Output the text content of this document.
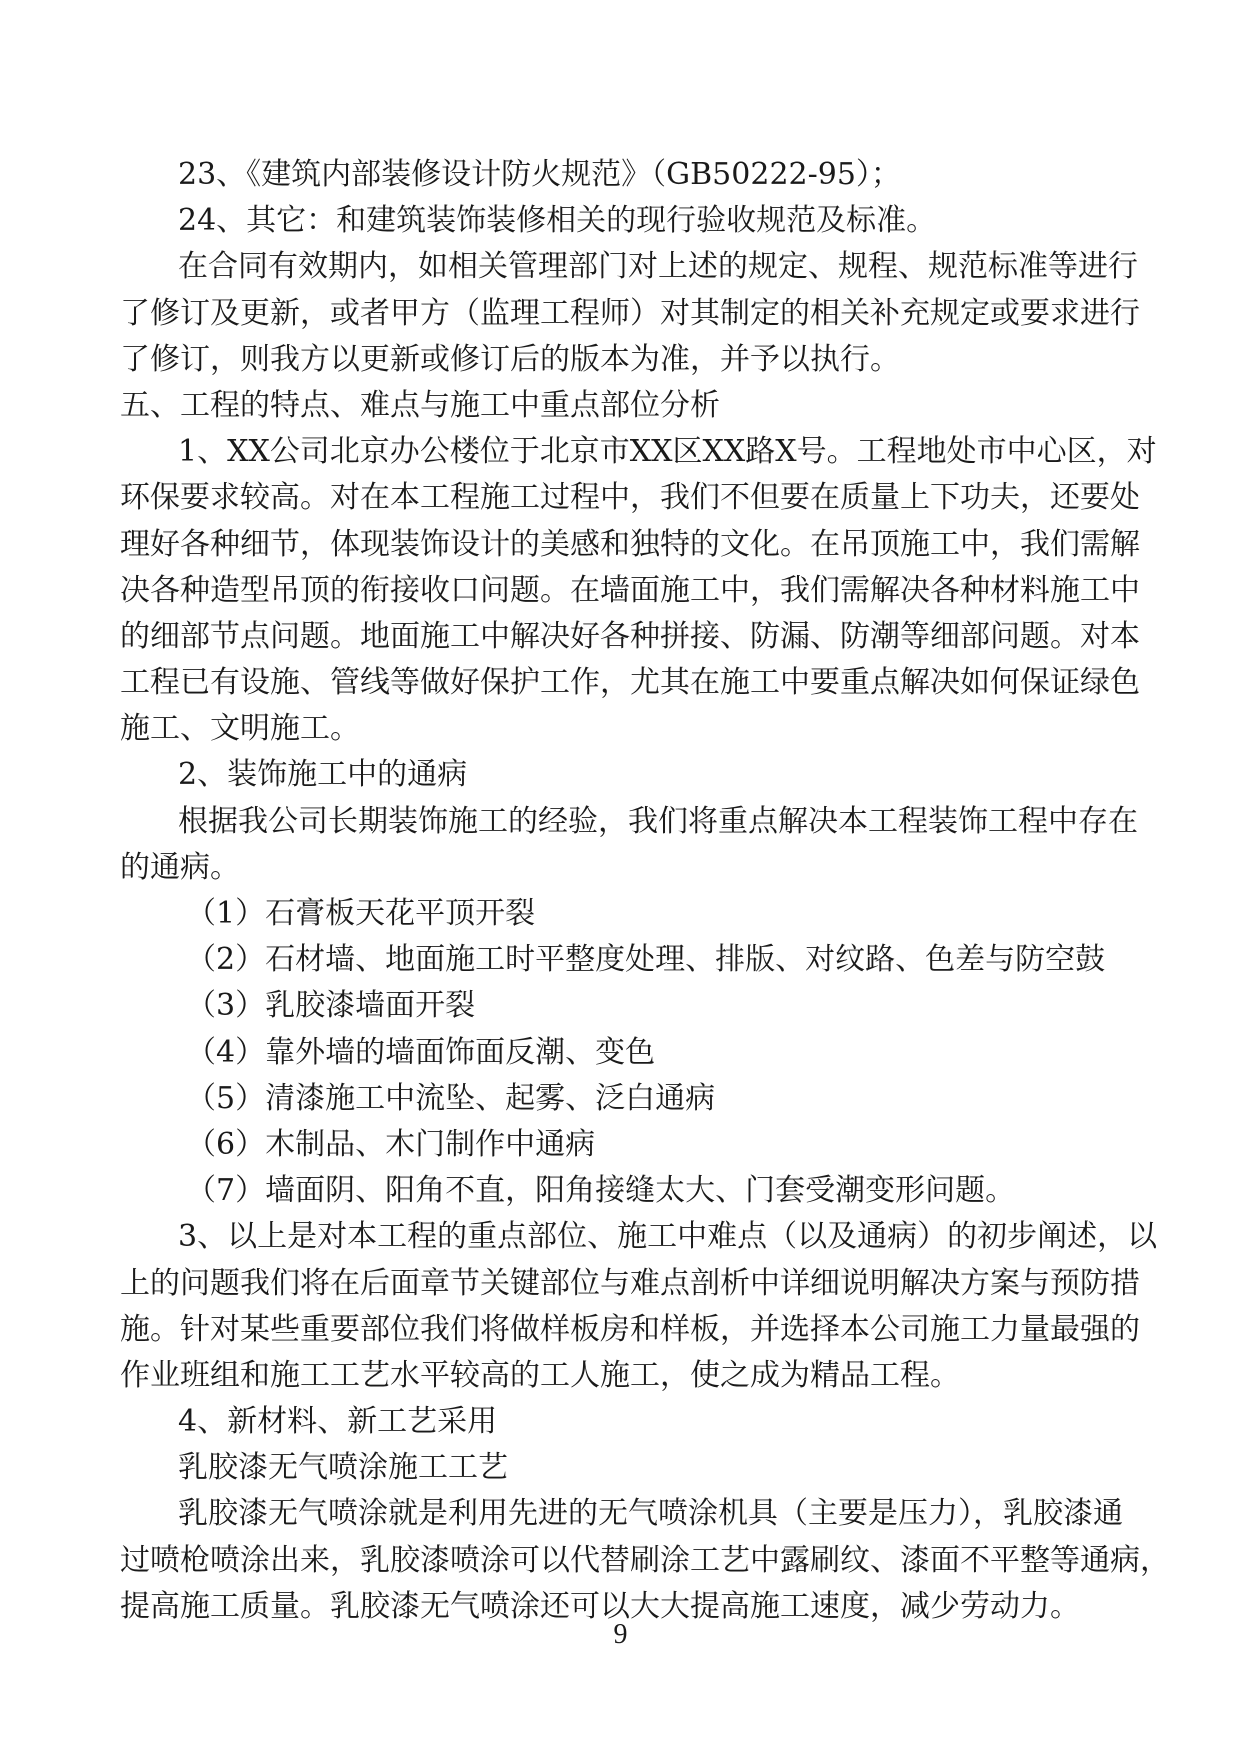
23、《建筑内部装修设计防火规范》（GB50222-95）；
24、其它：和建筑装饰装修相关的现行验收规范及标准。
在合同有效期内，如相关管理部门对上述的规定、规程、规范标准等进行
了修订及更新，或者甲方（监理工程师）对其制定的相关补充规定或要求进行
了修订，则我方以更新或修订后的版本为准，并予以执行。
五、工程的特点、难点与施工中重点部位分析
1、XX公司北京办公楼位于北京市XX区XX路X号。工程地处市中心区，对
环保要求较高。对在本工程施工过程中，我们不但要在质量上下功夫，还要处
理好各种细节，体现装饰设计的美感和独特的文化。在吊顶施工中，我们需解
决各种造型吊顶的衔接收口问题。在墙面施工中，我们需解决各种材料施工中
的细部节点问题。地面施工中解决好各种拼接、防漏、防潮等细部问题。对本
工程已有设施、管线等做好保护工作，尤其在施工中要重点解决如何保证绿色
施工、文明施工。
2、装饰施工中的通病
根据我公司长期装饰施工的经验，我们将重点解决本工程装饰工程中存在
的通病。
（1）石膏板天花平顶开裂
（2）石材墙、地面施工时平整度处理、排版、对纹路、色差与防空鼓
（3）乳胶漆墙面开裂
（4）靠外墙的墙面饰面反潮、变色
（5）清漆施工中流坠、起雾、泛白通病
（6）木制品、木门制作中通病
（7）墙面阴、阳角不直，阳角接缝太大、门套受潮变形问题。
3、以上是对本工程的重点部位、施工中难点（以及通病）的初步阐述，以
上的问题我们将在后面章节关键部位与难点剖析中详细说明解决方案与预防措
施。针对某些重要部位我们将做样板房和样板，并选择本公司施工力量最强的
作业班组和施工工艺水平较高的工人施工，使之成为精品工程。
4、新材料、新工艺采用
乳胶漆无气喷涂施工工艺
乳胶漆无气喷涂就是利用先进的无气喷涂机具（主要是压力），乳胶漆通
过喷枪喷涂出来，乳胶漆喷涂可以代替刷涂工艺中露刷纹、漆面不平整等通病，
提高施工质量。乳胶漆无气喷涂还可以大大提高施工速度，减少劳动力。
9
